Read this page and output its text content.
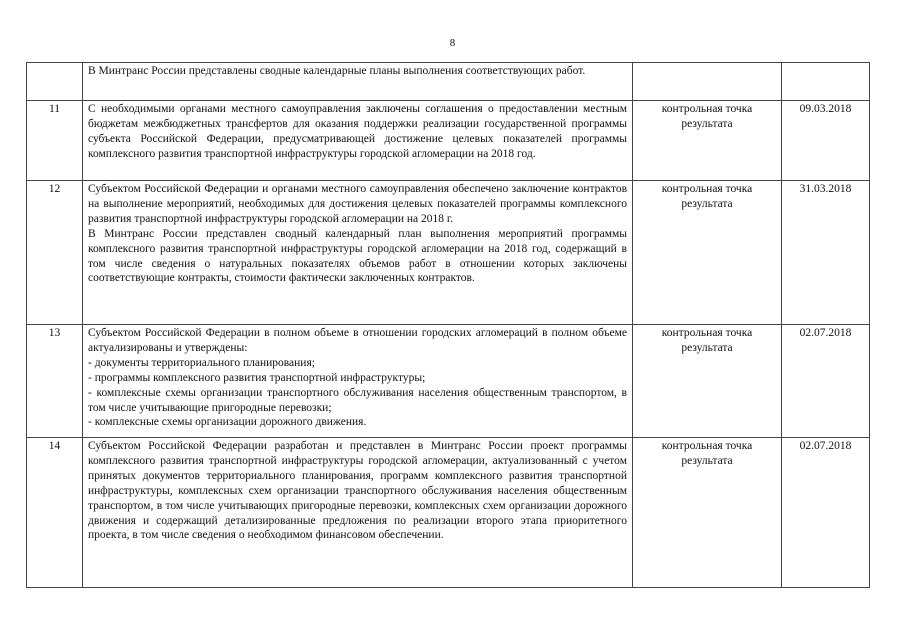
8

	В Минтранс России представлены сводные календарные планы выполнения соответствующих работ.		

11	С необходимыми органами местного самоуправления заключены соглашения о предоставлении местным бюджетам межбюджетных трансфертов для оказания поддержки реализации государственной программы субъекта Российской Федерации, предусматривающей достижение целевых показателей программы комплексного развития транспортной инфраструктуры городской агломерации на 2018 год.	контрольная точка результата	09.03.2018
12	Субъектом Российской Федерации и органами местного самоуправления обеспечено заключение контрактов на выполнение мероприятий, необходимых для достижения целевых показателей программы комплексного развития транспортной инфраструктуры городской агломерации на 2018 г.
В Минтранс России представлен сводный календарный план выполнения мероприятий программы комплексного развития транспортной инфраструктуры городской агломерации на 2018 год, содержащий в том числе сведения о натуральных показателях объемов работ в отношении которых заключены соответствующие контракты, стоимости фактически заключенных контрактов.	контрольная точка результата	31.03.2018
13	Субъектом Российской Федерации в полном объеме в отношении городских агломераций в полном объеме актуализированы и утверждены:
- документы территориального планирования;
- программы комплексного развития транспортной инфраструктуры;
- комплексные схемы организации транспортного обслуживания населения общественным транспортом, в том числе учитывающие пригородные перевозки;
- комплексные схемы организации дорожного движения.	контрольная точка результата	02.07.2018
14	Субъектом Российской Федерации разработан и представлен в Минтранс России проект программы комплексного развития транспортной инфраструктуры городской агломерации, актуализованный с учетом принятых документов территориального планирования, программ комплексного развития транспортной инфраструктуры, комплексных схем организации транспортного обслуживания населения общественным транспортом, в том числе учитывающих пригородные перевозки, комплексных схем организации дорожного движения и содержащий детализированные предложения по реализации второго этапа приоритетного проекта, в том числе сведения о необходимом финансовом обеспечении.	контрольная точка результата	02.07.2018
